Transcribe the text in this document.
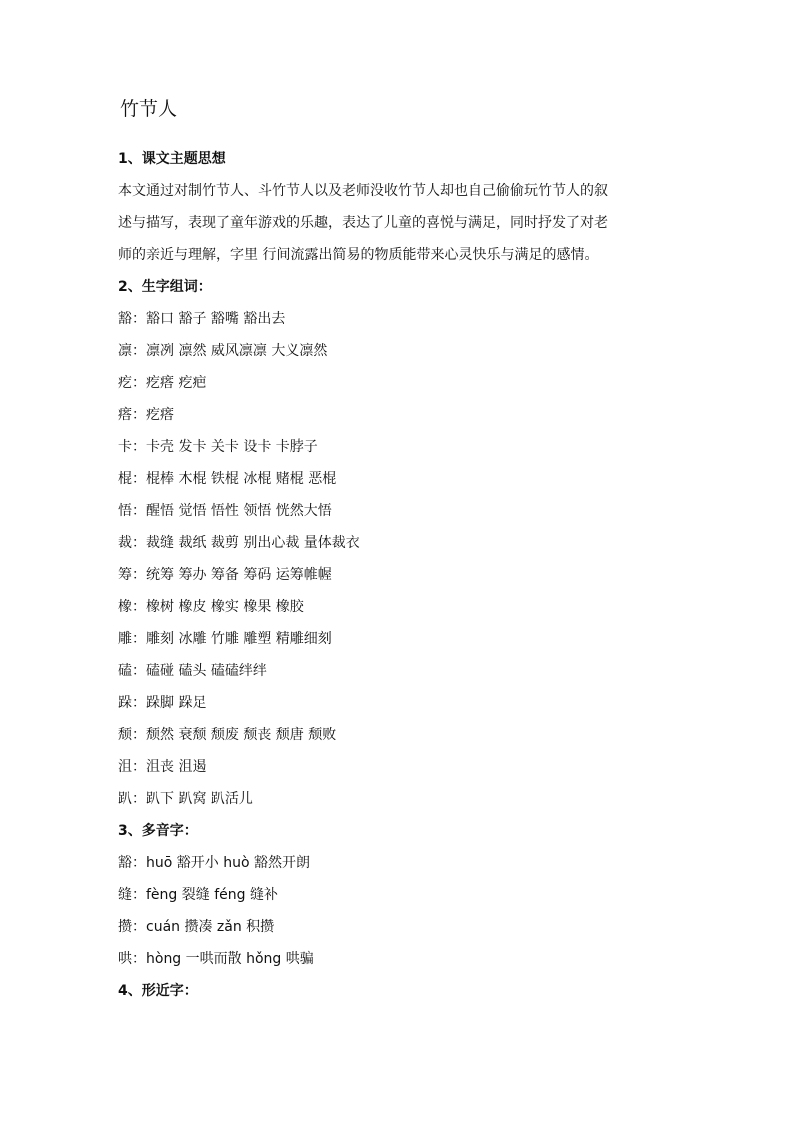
竹节人
1、课文主题思想
本文通过对制竹节人、斗竹节人以及老师没收竹节人却也自己偷偷玩竹节人的叙
述与描写，表现了童年游戏的乐趣，表达了儿童的喜悦与满足，同时抒发了对老
师的亲近与理解，字里 行间流露出简易的物质能带来心灵快乐与满足的感情。
2、生字组词：
豁：豁口 豁子 豁嘴 豁出去
凛：凛冽 凛然 威风凛凛 大义凛然
疙：疙瘩 疙疤
瘩：疙瘩
卡：卡壳 发卡 关卡 设卡 卡脖子
棍：棍棒 木棍 铁棍 冰棍 赌棍 恶棍
悟：醒悟 觉悟 悟性 领悟 恍然大悟
裁：裁缝 裁纸 裁剪 别出心裁 量体裁衣
筹：统筹 筹办 筹备 筹码 运筹帷幄
橡：橡树 橡皮 橡实 橡果 橡胶
雕：雕刻 冰雕 竹雕 雕塑 精雕细刻
磕：磕碰 磕头 磕磕绊绊
跺：跺脚 跺足
颓：颓然 衰颓 颓废 颓丧 颓唐 颓败
沮：沮丧 沮遏
趴：趴下 趴窝 趴活儿
3、多音字：
豁：huō 豁开小 huò 豁然开朗
缝：fèng 裂缝 féng 缝补
攒：cuán 攒凑 zǎn 积攒
哄：hòng 一哄而散 hǒng 哄骗
4、形近字：
